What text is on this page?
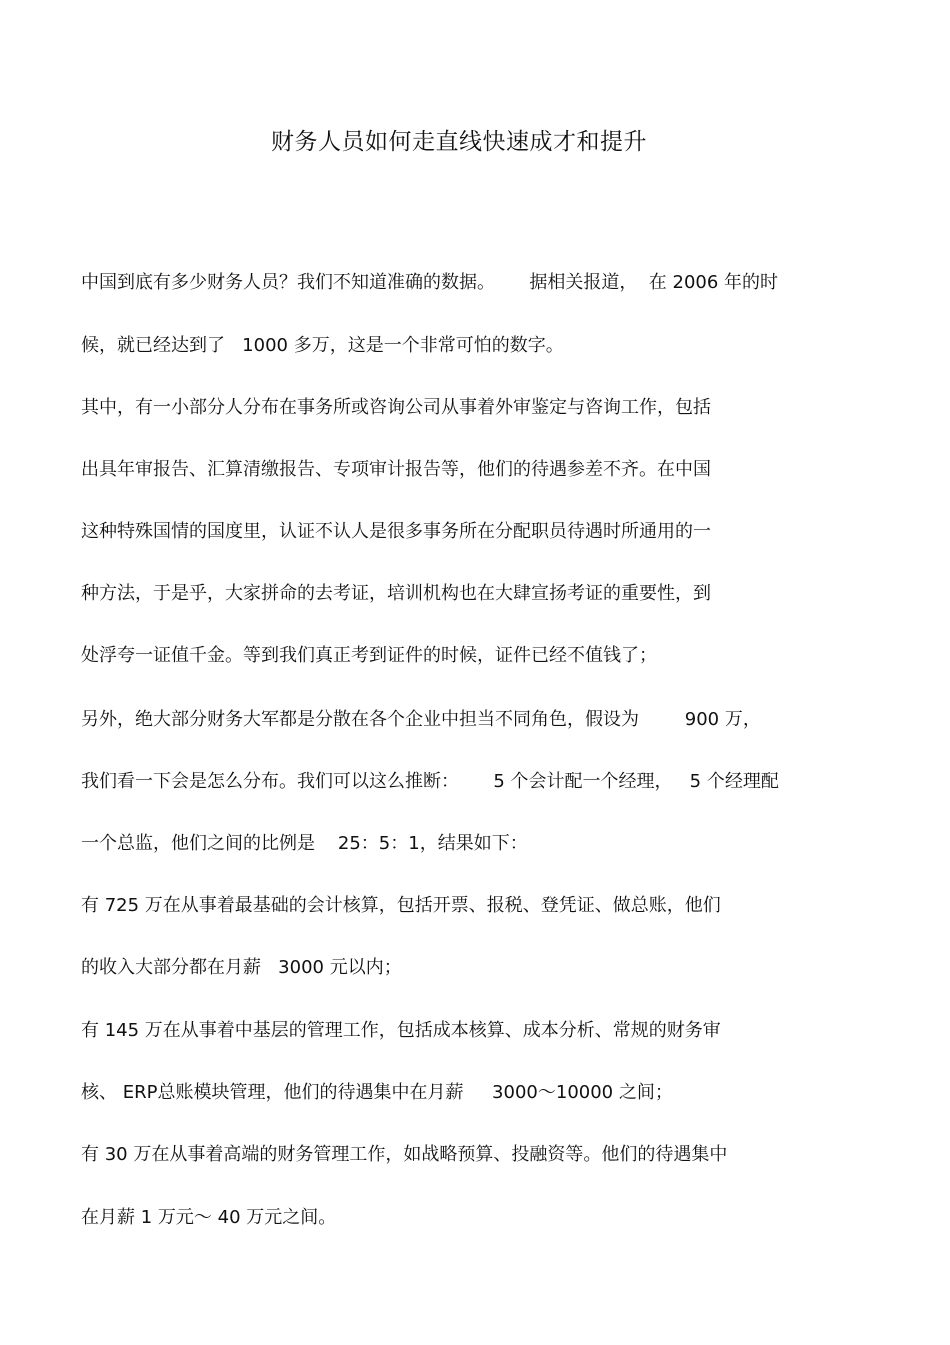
财务人员如何走直线快速成才和提升
中国到底有多少财务人员？我们不知道准确的数据。      据相关报道，  在 2006 年的时
候，就已经达到了   1000 多万，这是一个非常可怕的数字。
其中，有一小部分人分布在事务所或咨询公司从事着外审鉴定与咨询工作，包括
出具年审报告、汇算清缴报告、专项审计报告等，他们的待遇参差不齐。在中国
这种特殊国情的国度里，认证不认人是很多事务所在分配职员待遇时所通用的一
种方法，于是乎，大家拼命的去考证，培训机构也在大肆宣扬考证的重要性，到
处浮夸一证值千金。等到我们真正考到证件的时候，证件已经不值钱了；
另外，绝大部分财务大军都是分散在各个企业中担当不同角色，假设为        900 万，
我们看一下会是怎么分布。我们可以这么推断：      5 个会计配一个经理，   5 个经理配
一个总监，他们之间的比例是    25：5：1，结果如下：
有 725 万在从事着最基础的会计核算，包括开票、报税、登凭证、做总账，他们
的收入大部分都在月薪   3000 元以内；
有 145 万在从事着中基层的管理工作，包括成本核算、成本分析、常规的财务审
核、 ERP总账模块管理，他们的待遇集中在月薪     3000～10000 之间；
有 30 万在从事着高端的财务管理工作，如战略预算、投融资等。他们的待遇集中
在月薪 1 万元～ 40 万元之间。
